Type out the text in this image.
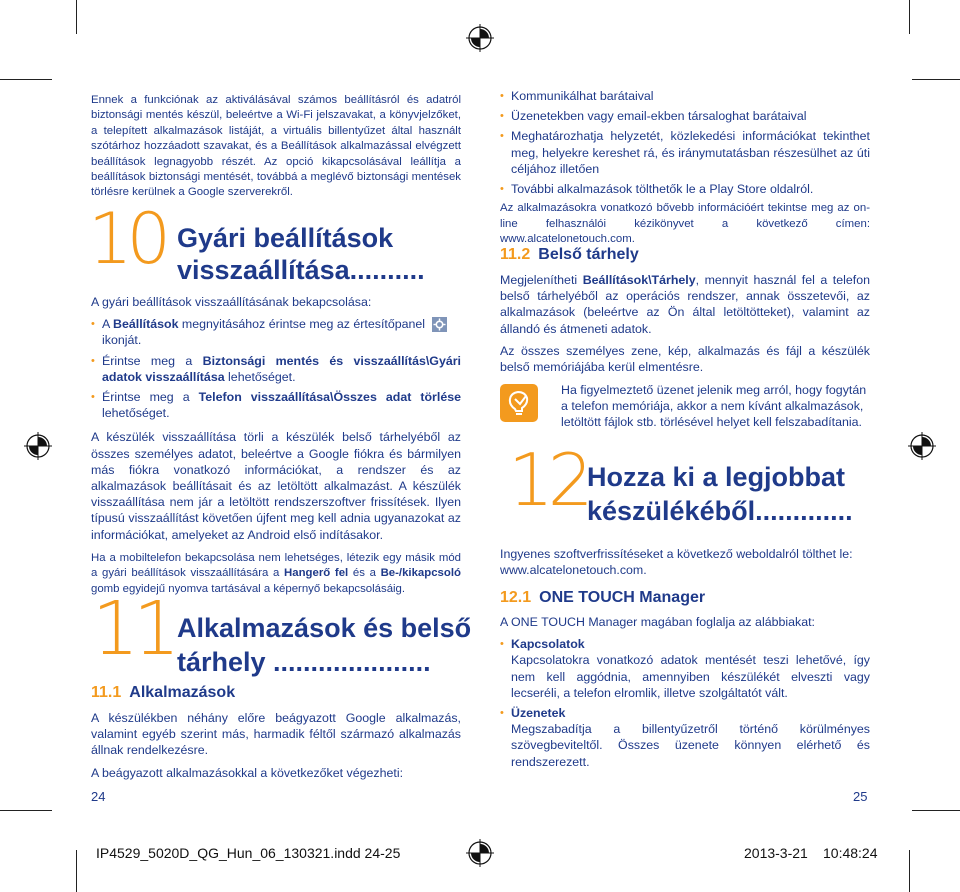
Ennek a funkciónak az aktiválásával számos beállításról és adatról biztonsági mentés készül, beleértve a Wi-Fi jelszavakat, a könyvjelzőket, a telepített alkalmazások listáját, a virtuális billentyűzet által használt szótárhoz hozzáadott szavakat, és a Beállítások alkalmazással elvégzett beállítások legnagyobb részét. Az opció kikapcsolásával leállítja a beállítások biztonsági mentését, továbbá a meglévő biztonsági mentések törlésre kerülnek a Google szerverekről.

10 Gyári beállítások
visszaállítása..........

A gyári beállítások visszaállításának bekapcsolása:

• A Beállítások megnyitásához érintse meg az értesítőpanel
ikonját.
• Érintse meg a Biztonsági mentés és visszaállítás\Gyári adatok visszaállítása lehetőséget.
• Érintse meg a Telefon visszaállítása\Összes adat törlése lehetőséget.

A készülék visszaállítása törli a készülék belső tárhelyéből az összes személyes adatot, beleértve a Google fiókra és bármilyen más fiókra vonatkozó információkat, a rendszer és az alkalmazások beállításait és az letöltött alkalmazást. A készülék visszaállítása nem jár a letöltött rendszerszoftver frissítések. Ilyen típusú visszaállítást követően újfent meg kell adnia ugyanazokat az információkat, amelyeket az Android első indításakor.

Ha a mobiltelefon bekapcsolása nem lehetséges, létezik egy másik mód a gyári beállítások visszaállítására a Hangerő fel és a Be-/kikapcsoló gomb egyidejű nyomva tartásával a képernyő bekapcsolásáig.

11 Alkalmazások és belső
tárhely .....................
11.1 Alkalmazások

A készülékben néhány előre beágyazott Google alkalmazás, valamint egyéb szerint más, harmadik féltől származó alkalmazás állnak rendelkezésre.

A beágyazott alkalmazásokkal a következőket végezheti:

24
• Kommunikálhat barátaival
• Üzenetekben vagy email-ekben társaloghat barátaival
• Meghatározhatja helyzetét, közlekedési információkat tekinthet meg, helyekre kereshet rá, és iránymutatásban részesülhet az úti céljához illetően
• További alkalmazások tölthetők le a Play Store oldalról.

Az alkalmazásokra vonatkozó bővebb információért tekintse meg az on-line felhasználói kézikönyvet a következő címen: www.alcatelonetouch.com.

11.2 Belső tárhely

Megjelenítheti Beállítások\Tárhely, mennyit használ fel a telefon belső tárhelyéből az operációs rendszer, annak összetevői, az alkalmazások (beleértve az Ön által letöltötteket), valamint az állandó és átmeneti adatok.

Az összes személyes zene, kép, alkalmazás és fájl a készülék belső memóriájába kerül elmentésre.

Ha figyelmeztető üzenet jelenik meg arról, hogy fogytán a telefon memóriája, akkor a nem kívánt alkalmazások, letöltött fájlok stb. törlésével helyet kell felszabadítania.
12 Hozza ki a legjobbat
készülékéből.............
Ingyenes szoftverfrissítéseket a következő weboldalról tölthet le: www.alcatelonetouch.com.
12.1 ONE TOUCH Manager

A ONE TOUCH Manager magában foglalja az alábbiakat:

• Kapcsolatok
Kapcsolatokra vonatkozó adatok mentését teszi lehetővé, így nem kell aggódnia, amennyiben készülékét elveszti vagy lecseréli, a telefon elromlik, illetve szolgáltatót vált.
• Üzenetek
Megszabadítja a billentyűzetről történő körülményes szövegbeviteltől. Összes üzenete könnyen elérhető és rendszerezett.
25
IP4529_5020D_QG_Hun_06_130321.indd 24-25	2013-3-21 10:48:24
